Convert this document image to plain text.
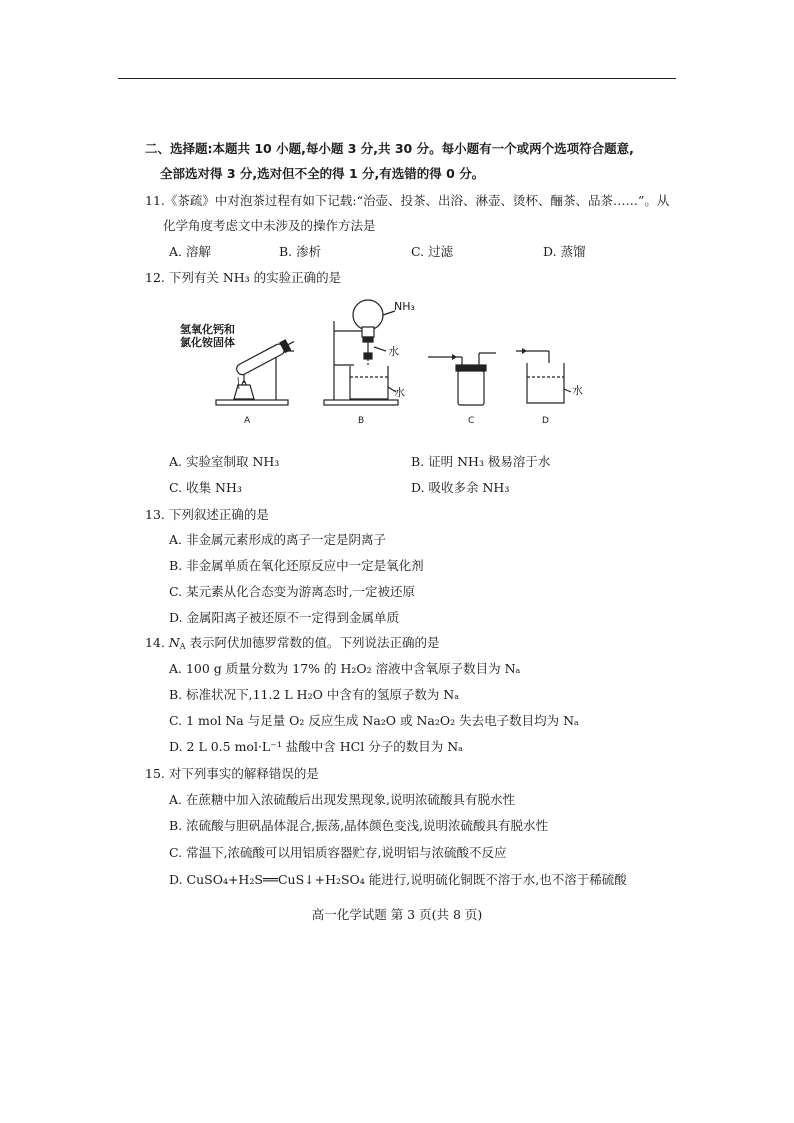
二、选择题:本题共 10 小题,每小题 3 分,共 30 分。每小题有一个或两个选项符合题意,
全部选对得 3 分,选对但不全的得 1 分,有选错的得 0 分。
11.《茶疏》中对泡茶过程有如下记载:“治壶、投茶、出浴、淋壶、烫杯、酾茶、品茶……”。从
化学角度考虑文中未涉及的操作方法是
A. 溶解	B. 渗析	C. 过滤	D. 蒸馏
12. 下列有关 NH₃ 的实验正确的是
氢氧化钙和
氯化铵固体
NH₃
水
水	水
A	B	C	D
A. 实验室制取 NH₃	B. 证明 NH₃ 极易溶于水
C. 收集 NH₃	D. 吸收多余 NH₃
13. 下列叙述正确的是
A. 非金属元素形成的离子一定是阴离子
B. 非金属单质在氧化还原反应中一定是氧化剂
C. 某元素从化合态变为游离态时,一定被还原
D. 金属阳离子被还原不一定得到金属单质
14. $N_A$ 表示阿伏加德罗常数的值。下列说法正确的是
A. 100 g 质量分数为 17% 的 H₂O₂ 溶液中含氧原子数目为 Nₐ
B. 标准状况下,11.2 L H₂O 中含有的氢原子数为 Nₐ
C. 1 mol Na 与足量 O₂ 反应生成 Na₂O 或 Na₂O₂ 失去电子数目均为 Nₐ
D. 2 L 0.5 mol·L⁻¹ 盐酸中含 HCl 分子的数目为 Nₐ
15. 对下列事实的解释错误的是
A. 在蔗糖中加入浓硫酸后出现发黑现象,说明浓硫酸具有脱水性
B. 浓硫酸与胆矾晶体混合,振荡,晶体颜色变浅,说明浓硫酸具有脱水性
C. 常温下,浓硫酸可以用铝质容器贮存,说明铝与浓硫酸不反应
D. CuSO₄+H₂S══CuS↓+H₂SO₄ 能进行,说明硫化铜既不溶于水,也不溶于稀硫酸
高一化学试题 第 3 页(共 8 页)
